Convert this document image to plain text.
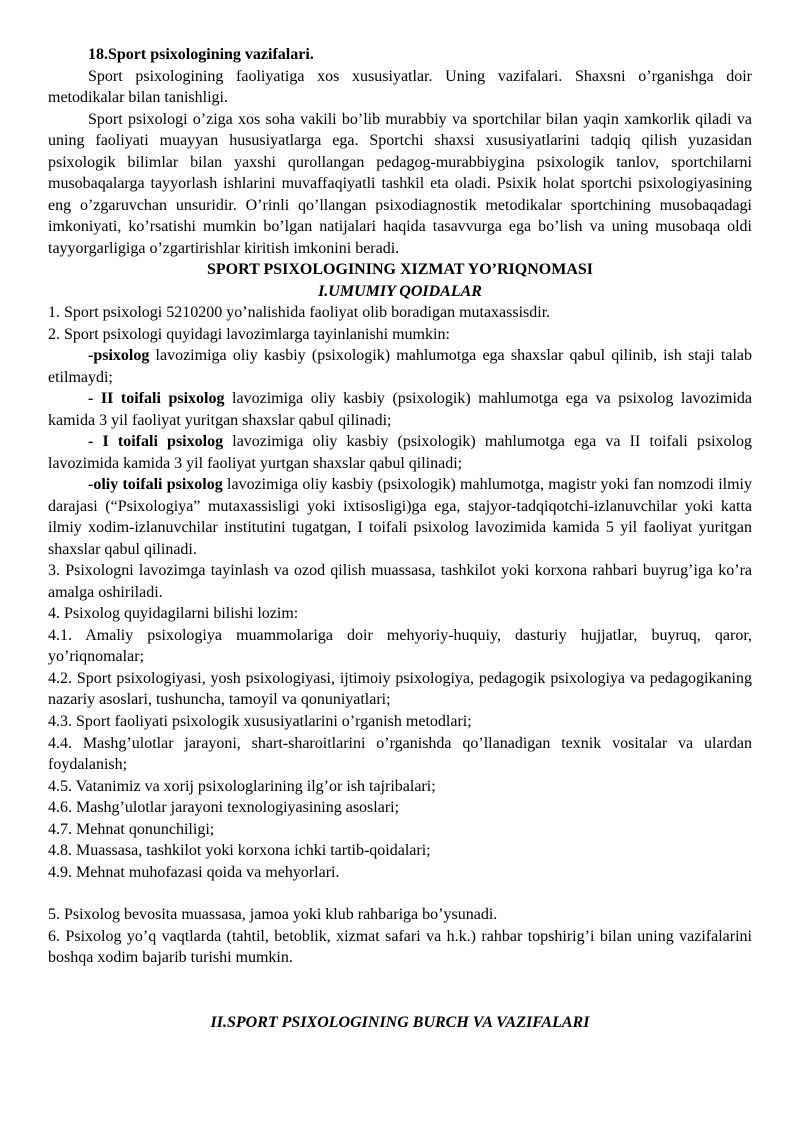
18.Sport psixologining vazifalari.

Sport psixologining faoliyatiga xos xususiyatlar. Uning vazifalari. Shaxsni o’rganishga doir metodikalar bilan tanishligi.

Sport psixologi o’ziga xos soha vakili bo’lib murabbiy va sportchilar bilan yaqin xamkorlik qiladi va uning faoliyati muayyan hususiyatlarga ega. Sportchi shaxsi xususiyatlarini tadqiq qilish yuzasidan psixologik bilimlar bilan yaxshi qurollangan pedagog-murabbiygina psixologik tanlov, sportchilarni musobaqalarga tayyorlash ishlarini muvaffaqiyatli tashkil eta oladi. Psixik holat sportchi psixologiyasining eng o’zgaruvchan unsuridir. O’rinli qo’llangan psixodiagnostik metodikalar sportchining musobaqadagi imkoniyati, ko’rsatishi mumkin bo’lgan natijalari haqida tasavvurga ega bo’lish va uning musobaqa oldi tayyorgarligiga o’zgartirishlar kiritish imkonini beradi.

SPORT PSIXOLOGINING XIZMAT YO’RIQNOMASI

I.UMUMIY QOIDALAR

1. Sport psixologi 5210200 yo’nalishida faoliyat olib boradigan mutaxassisdir.

2. Sport psixologi quyidagi lavozimlarga tayinlanishi mumkin:

-psixolog lavozimiga oliy kasbiy (psixologik) mahlumotga ega shaxslar qabul qilinib, ish staji talab etilmaydi;

- II toifali psixolog lavozimiga oliy kasbiy (psixologik) mahlumotga ega va psixolog lavozimida kamida 3 yil faoliyat yuritgan shaxslar qabul qilinadi;

- I toifali psixolog lavozimiga oliy kasbiy (psixologik) mahlumotga ega va II toifali psixolog lavozimida kamida 3 yil faoliyat yurtgan shaxslar qabul qilinadi;

-oliy toifali psixolog lavozimiga oliy kasbiy (psixologik) mahlumotga, magistr yoki fan nomzodi ilmiy darajasi (“Psixologiya” mutaxassisligi yoki ixtisosligi)ga ega, stajyor-tadqiqotchi-izlanuvchilar yoki katta ilmiy xodim-izlanuvchilar institutini tugatgan, I toifali psixolog lavozimida kamida 5 yil faoliyat yuritgan shaxslar qabul qilinadi.

3. Psixologni lavozimga tayinlash va ozod qilish muassasa, tashkilot yoki korxona rahbari buyrug’iga ko’ra amalga oshiriladi.

4. Psixolog quyidagilarni bilishi lozim:

4.1. Amaliy psixologiya muammolariga doir mehyoriy-huquiy, dasturiy hujjatlar, buyruq, qaror, yo’riqnomalar;

4.2. Sport psixologiyasi, yosh psixologiyasi, ijtimoiy psixologiya, pedagogik psixologiya va pedagogikaning nazariy asoslari, tushuncha, tamoyil va qonuniyatlari;

4.3. Sport faoliyati psixologik xususiyatlarini o’rganish metodlari;

4.4. Mashg’ulotlar jarayoni, shart-sharoitlarini o’rganishda qo’llanadigan texnik vositalar va ulardan foydalanish;

4.5. Vatanimiz va xorij psixologlarining ilg’or ish tajribalari;

4.6. Mashg’ulotlar jarayoni texnologiyasining asoslari;

4.7. Mehnat qonunchiligi;

4.8. Muassasa, tashkilot yoki korxona ichki tartib-qoidalari;

4.9. Mehnat muhofazasi qoida va mehyorlari.

5. Psixolog bevosita muassasa, jamoa yoki klub rahbariga bo’ysunadi.

6. Psixolog yo’q vaqtlarda (tahtil, betoblik, xizmat safari va h.k.) rahbar topshirig’i bilan uning vazifalarini boshqa xodim bajarib turishi mumkin.

II.SPORT PSIXOLOGINING BURCH VA VAZIFALARI
